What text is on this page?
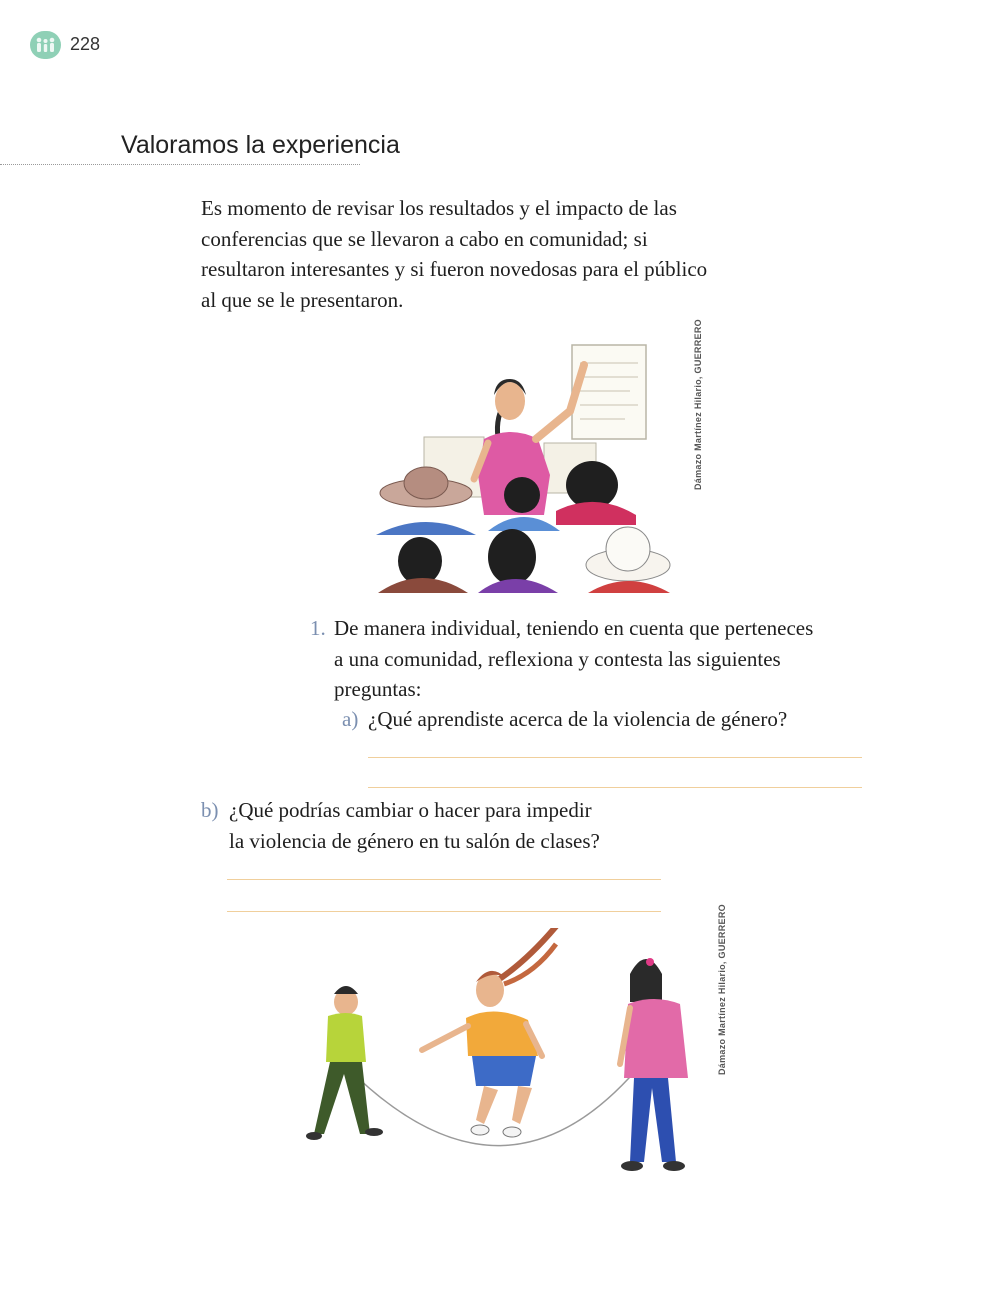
228
Valoramos la experiencia
Es momento de revisar los resultados y el impacto de las
conferencias que se llevaron a cabo en comunidad; si
resultaron interesantes y si fueron novedosas para el público
al que se le presentaron.
Dámazo Martínez Hilario, GUERRERO
1. De manera individual, teniendo en cuenta que perteneces
a una comunidad, reflexiona y contesta las siguientes
preguntas:
a) ¿Qué aprendiste acerca de la violencia de género?
b) ¿Qué podrías cambiar o hacer para impedir
la violencia de género en tu salón de clases?
Dámazo Martínez Hilario, GUERRERO
